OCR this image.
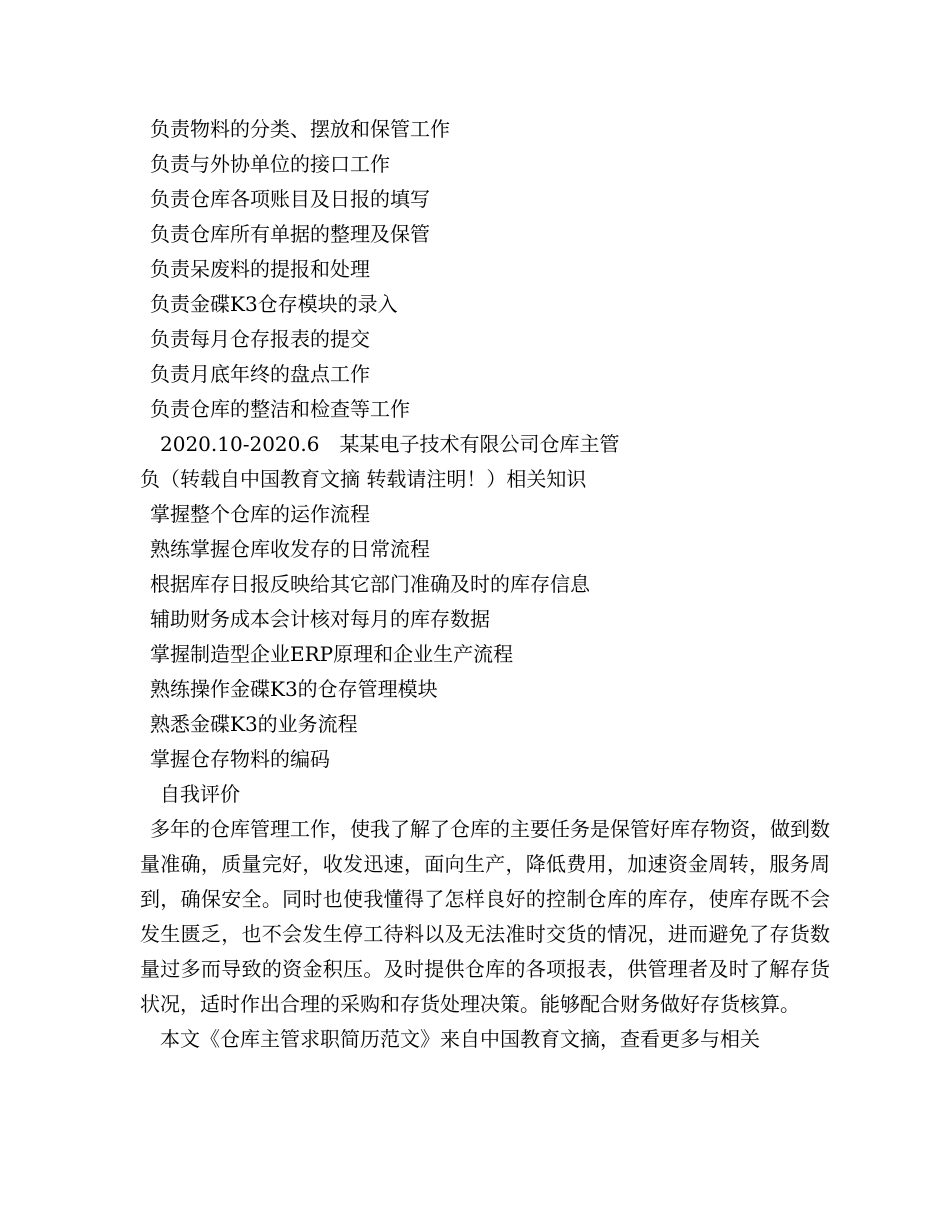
负责物料的分类、摆放和保管工作
负责与外协单位的接口工作
负责仓库各项账目及日报的填写
负责仓库所有单据的整理及保管
负责呆废料的提报和处理
负责金碟K3仓存模块的录入
负责每月仓存报表的提交
负责月底年终的盘点工作
负责仓库的整洁和检查等工作
2020.10-2020.6　某某电子技术有限公司仓库主管
负（转载自中国教育文摘 转载请注明！）相关知识
掌握整个仓库的运作流程
熟练掌握仓库收发存的日常流程
根据库存日报反映给其它部门准确及时的库存信息
辅助财务成本会计核对每月的库存数据
掌握制造型企业ERP原理和企业生产流程
熟练操作金碟K3的仓存管理模块
熟悉金碟K3的业务流程
掌握仓存物料的编码
自我评价

多年的仓库管理工作，使我了解了仓库的主要任务是保管好库存物资，做到数量准确，质量完好，收发迅速，面向生产，降低费用，加速资金周转，服务周到，确保安全。同时也使我懂得了怎样良好的控制仓库的库存，使库存既不会发生匮乏，也不会发生停工待料以及无法准时交货的情况，进而避免了存货数量过多而导致的资金积压。及时提供仓库的各项报表，供管理者及时了解存货状况，适时作出合理的采购和存货处理决策。能够配合财务做好存货核算。

本文《仓库主管求职简历范文》来自中国教育文摘，查看更多与相关
